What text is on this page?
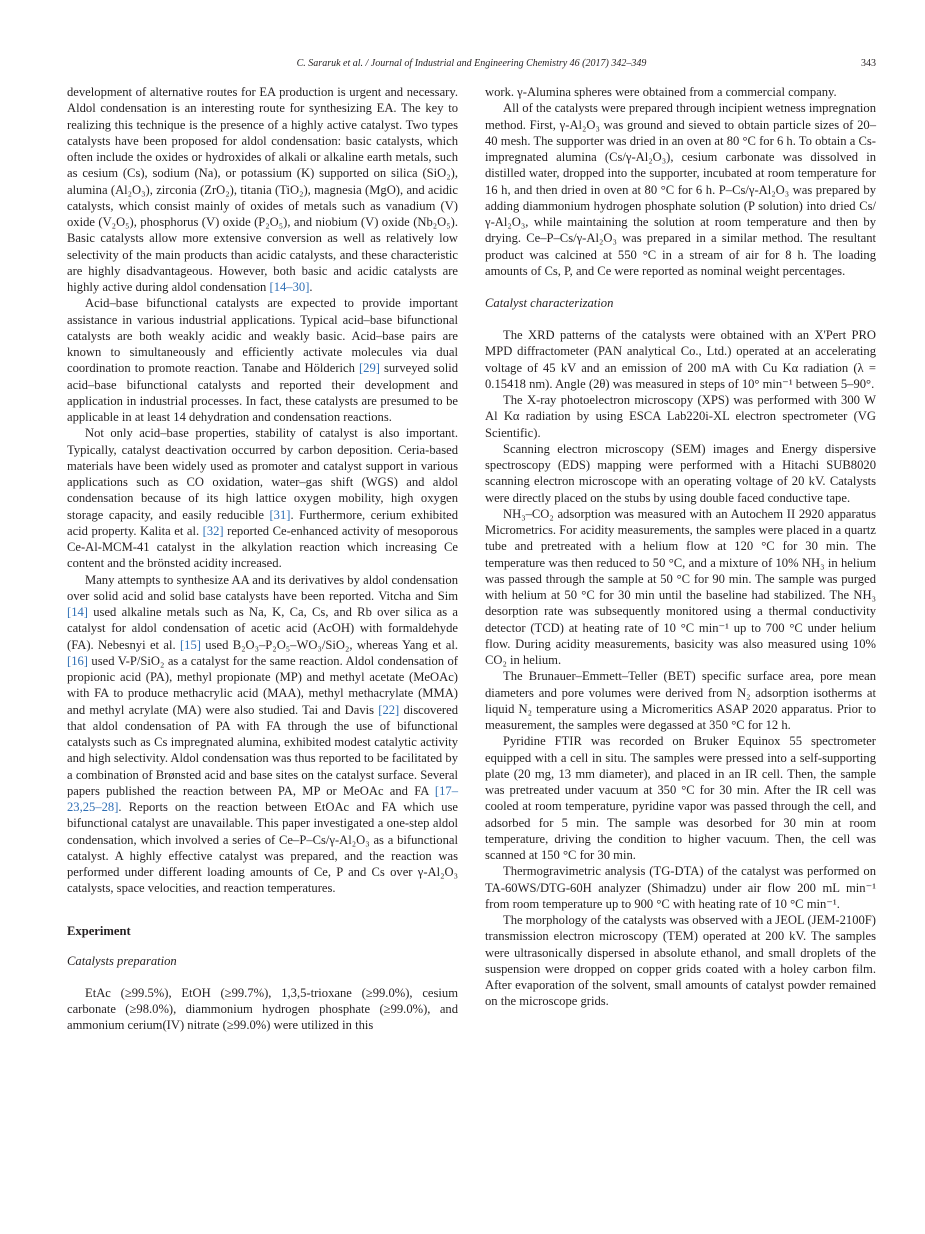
C. Sararuk et al. / Journal of Industrial and Engineering Chemistry 46 (2017) 342–349	343

development of alternative routes for EA production is urgent and necessary. Aldol condensation is an interesting route for synthesizing EA. The key to realizing this technique is the presence of a highly active catalyst. Two types catalysts have been proposed for aldol condensation: basic catalysts, which often include the oxides or hydroxides of alkali or alkaline earth metals, such as cesium (Cs), sodium (Na), or potassium (K) supported on silica (SiO₂), alumina (Al₂O₃), zirconia (ZrO₂), titania (TiO₂), magnesia (MgO), and acidic catalysts, which consist mainly of oxides of metals such as vanadium (V) oxide (V₂O₅), phosphorus (V) oxide (P₂O₅), and niobium (V) oxide (Nb₂O₅). Basic catalysts allow more extensive conversion as well as relatively low selectivity of the main products than acidic catalysts, and these characteristic are highly disadvantageous. However, both basic and acidic catalysts are highly active during aldol condensation [14–30].

Acid–base bifunctional catalysts are expected to provide important assistance in various industrial applications. Typical acid–base bifunctional catalysts are both weakly acidic and weakly basic. Acid–base pairs are known to simultaneously and efficiently activate molecules via dual coordination to promote reaction. Tanabe and Hölderich [29] surveyed solid acid–base bifunctional catalysts and reported their development and application in industrial processes. In fact, these catalysts are presumed to be applicable in at least 14 dehydration and condensation reactions.

Not only acid–base properties, stability of catalyst is also important. Typically, catalyst deactivation occurred by carbon deposition. Ceria-based materials have been widely used as promoter and catalyst support in various applications such as CO oxidation, water–gas shift (WGS) and aldol condensation because of its high lattice oxygen mobility, high oxygen storage capacity, and easily reducible [31]. Furthermore, cerium exhibited acid property. Kalita et al. [32] reported Ce-enhanced activity of mesoporous Ce-Al-MCM-41 catalyst in the alkylation reaction which increasing Ce content and the brönsted acidity increased.

Many attempts to synthesize AA and its derivatives by aldol condensation over solid acid and solid base catalysts have been reported. Vitcha and Sim [14] used alkaline metals such as Na, K, Ca, Cs, and Rb over silica as a catalyst for aldol condensation of acetic acid (AcOH) with formaldehyde (FA). Nebesnyi et al. [15] used B₂O₃–P₂O₅–WO₃/SiO₂, whereas Yang et al. [16] used V-P/SiO₂ as a catalyst for the same reaction. Aldol condensation of propionic acid (PA), methyl propionate (MP) and methyl acetate (MeOAc) with FA to produce methacrylic acid (MAA), methyl methacrylate (MMA) and methyl acrylate (MA) were also studied. Tai and Davis [22] discovered that aldol condensation of PA with FA through the use of bifunctional catalysts such as Cs impregnated alumina, exhibited modest catalytic activity and high selectivity. Aldol condensation was thus reported to be facilitated by a combination of Brønsted acid and base sites on the catalyst surface. Several papers published the reaction between PA, MP or MeOAc and FA [17–23,25–28]. Reports on the reaction between EtOAc and FA which use bifunctional catalyst are unavailable. This paper investigated a one-step aldol condensation, which involved a series of Ce–P–Cs/γ-Al₂O₃ as a bifunctional catalyst. A highly effective catalyst was prepared, and the reaction was performed under different loading amounts of Ce, P and Cs over γ-Al₂O₃ catalysts, space velocities, and reaction temperatures.

Experiment
Catalysts preparation

EtAc (≥99.5%), EtOH (≥99.7%), 1,3,5-trioxane (≥99.0%), cesium carbonate (≥98.0%), diammonium hydrogen phosphate (≥99.0%), and ammonium cerium(IV) nitrate (≥99.0%) were utilized in this

work. γ-Alumina spheres were obtained from a commercial company.

All of the catalysts were prepared through incipient wetness impregnation method. First, γ-Al₂O₃ was ground and sieved to obtain particle sizes of 20–40 mesh. The supporter was dried in an oven at 80 °C for 6 h. To obtain a Cs-impregnated alumina (Cs/γ-Al₂O₃), cesium carbonate was dissolved in distilled water, dropped into the supporter, incubated at room temperature for 16 h, and then dried in oven at 80 °C for 6 h. P–Cs/γ-Al₂O₃ was prepared by adding diammonium hydrogen phosphate solution (P solution) into dried Cs/γ-Al₂O₃, while maintaining the solution at room temperature and then by drying. Ce–P–Cs/γ-Al₂O₃ was prepared in a similar method. The resultant product was calcined at 550 °C in a stream of air for 8 h. The loading amounts of Cs, P, and Ce were reported as nominal weight percentages.

Catalyst characterization

The XRD patterns of the catalysts were obtained with an X'Pert PRO MPD diffractometer (PAN analytical Co., Ltd.) operated at an accelerating voltage of 45 kV and an emission of 200 mA with Cu Kα radiation (λ = 0.15418 nm). Angle (2θ) was measured in steps of 10° min⁻¹ between 5–90°.

The X-ray photoelectron microscopy (XPS) was performed with 300 W Al Kα radiation by using ESCA Lab220i-XL electron spectrometer (VG Scientific).

Scanning electron microscopy (SEM) images and Energy dispersive spectroscopy (EDS) mapping were performed with a Hitachi SUB8020 scanning electron microscope with an operating voltage of 20 kV. Catalysts were directly placed on the stubs by using double faced conductive tape.

NH₃–CO₂ adsorption was measured with an Autochem II 2920 apparatus Micrometrics. For acidity measurements, the samples were placed in a quartz tube and pretreated with a helium flow at 120 °C for 30 min. The temperature was then reduced to 50 °C, and a mixture of 10% NH₃ in helium was passed through the sample at 50 °C for 90 min. The sample was purged with helium at 50 °C for 30 min until the baseline had stabilized. The NH₃ desorption rate was subsequently monitored using a thermal conductivity detector (TCD) at heating rate of 10 °C min⁻¹ up to 700 °C under helium flow. During acidity measurements, basicity was also measured using 10% CO₂ in helium.

The Brunauer–Emmett–Teller (BET) specific surface area, pore mean diameters and pore volumes were derived from N₂ adsorption isotherms at liquid N₂ temperature using a Micromeritics ASAP 2020 apparatus. Prior to measurement, the samples were degassed at 350 °C for 12 h.

Pyridine FTIR was recorded on Bruker Equinox 55 spectrometer equipped with a cell in situ. The samples were pressed into a self-supporting plate (20 mg, 13 mm diameter), and placed in an IR cell. Then, the sample was pretreated under vacuum at 350 °C for 30 min. After the IR cell was cooled at room temperature, pyridine vapor was passed through the cell, and adsorbed for 5 min. The sample was desorbed for 30 min at room temperature, driving the condition to higher vacuum. Then, the cell was scanned at 150 °C for 30 min.

Thermogravimetric analysis (TG-DTA) of the catalyst was performed on TA-60WS/DTG-60H analyzer (Shimadzu) under air flow 200 mL min⁻¹ from room temperature up to 900 °C with heating rate of 10 °C min⁻¹.

The morphology of the catalysts was observed with a JEOL (JEM-2100F) transmission electron microscopy (TEM) operated at 200 kV. The samples were ultrasonically dispersed in absolute ethanol, and small droplets of the suspension were dropped on copper grids coated with a holey carbon film. After evaporation of the solvent, small amounts of catalyst powder remained on the microscope grids.
